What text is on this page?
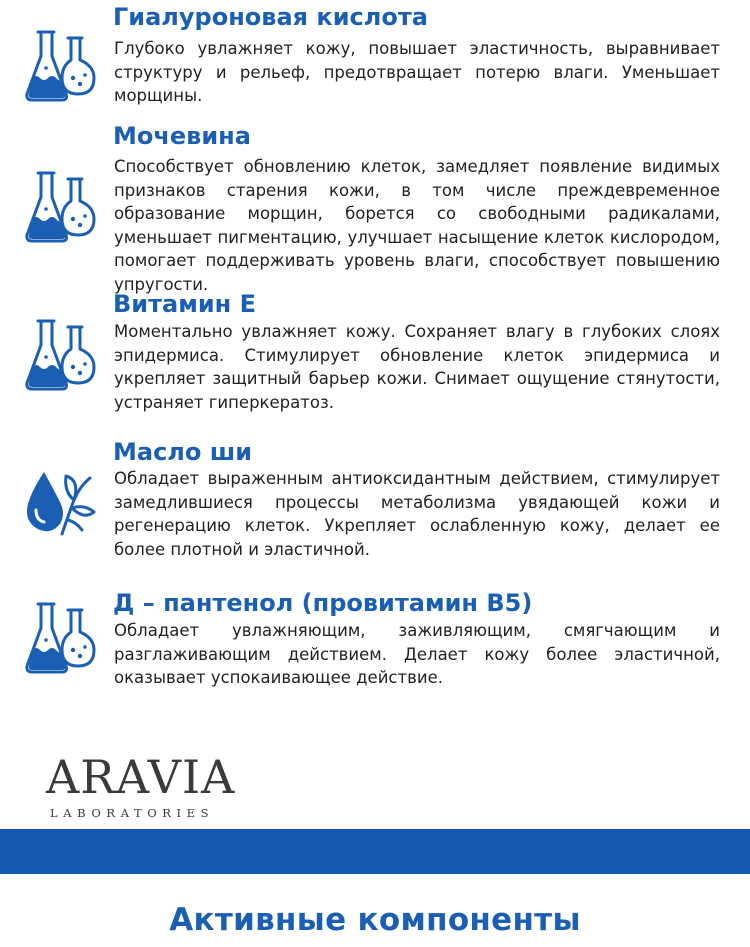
Гиалуроновая кислота
Глубоко увлажняет кожу, повышает эластичность, выравнивает структуру и рельеф, предотвращает потерю влаги. Уменьшает морщины.
Мочевина
Способствует обновлению клеток, замедляет появление видимых признаков старения кожи, в том числе преждевременное образование морщин, борется со свободными радикалами, уменьшает пигментацию, улучшает насыщение клеток кислородом, помогает поддерживать уровень влаги, способствует повышению упругости.
Витамин Е
Моментально увлажняет кожу. Сохраняет влагу в глубоких слоях эпидермиса. Стимулирует обновление клеток эпидермиса и укрепляет защитный барьер кожи. Снимает ощущение стянутости, устраняет гиперкератоз.
Масло ши
Обладает выраженным антиоксидантным действием, стимулирует замедлившиеся процессы метаболизма увядающей кожи и регенерацию клеток. Укрепляет ослабленную кожу, делает ее более плотной и эластичной.
Д – пантенол (провитамин В5)
Обладает увлажняющим, заживляющим, смягчающим и разглаживающим действием. Делает кожу более эластичной, оказывает успокаивающее действие.
ARAVIA
LABORATORIES
Активные компоненты
